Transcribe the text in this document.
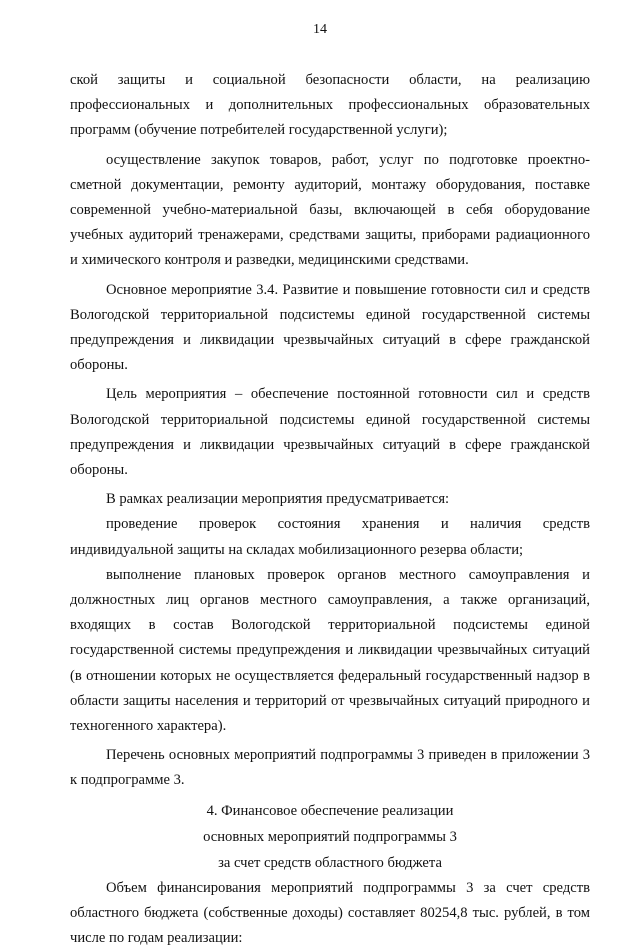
14

ской защиты и социальной безопасности области, на реализацию профессиональных и дополнительных профессиональных образовательных программ (обучение потребителей государственной услуги);

осуществление закупок товаров, работ, услуг по подготовке проектно-сметной документации, ремонту аудиторий, монтажу оборудования, поставке современной учебно-материальной базы, включающей в себя оборудование учебных аудиторий тренажерами, средствами защиты, приборами радиационного и химического контроля и разведки, медицинскими средствами.

Основное мероприятие 3.4. Развитие и повышение готовности сил и средств Вологодской территориальной подсистемы единой государственной системы предупреждения и ликвидации чрезвычайных ситуаций в сфере гражданской обороны.

Цель мероприятия – обеспечение постоянной готовности сил и средств Вологодской территориальной подсистемы единой государственной системы предупреждения и ликвидации чрезвычайных ситуаций в сфере гражданской обороны.

В рамках реализации мероприятия предусматривается:

проведение проверок состояния хранения и наличия средств индивидуальной защиты на складах мобилизационного резерва области;

выполнение плановых проверок органов местного самоуправления и должностных лиц органов местного самоуправления, а также организаций, входящих в состав Вологодской территориальной подсистемы единой государственной системы предупреждения и ликвидации чрезвычайных ситуаций (в отношении которых не осуществляется федеральный государственный надзор в области защиты населения и территорий от чрезвычайных ситуаций природного и техногенного характера).

Перечень основных мероприятий подпрограммы 3 приведен в приложении 3 к подпрограмме 3.

4. Финансовое обеспечение реализации
основных мероприятий подпрограммы 3
за счет средств областного бюджета

Объем финансирования мероприятий подпрограммы 3 за счет средств областного бюджета (собственные доходы) составляет 80254,8 тыс. рублей, в том числе по годам реализации:
